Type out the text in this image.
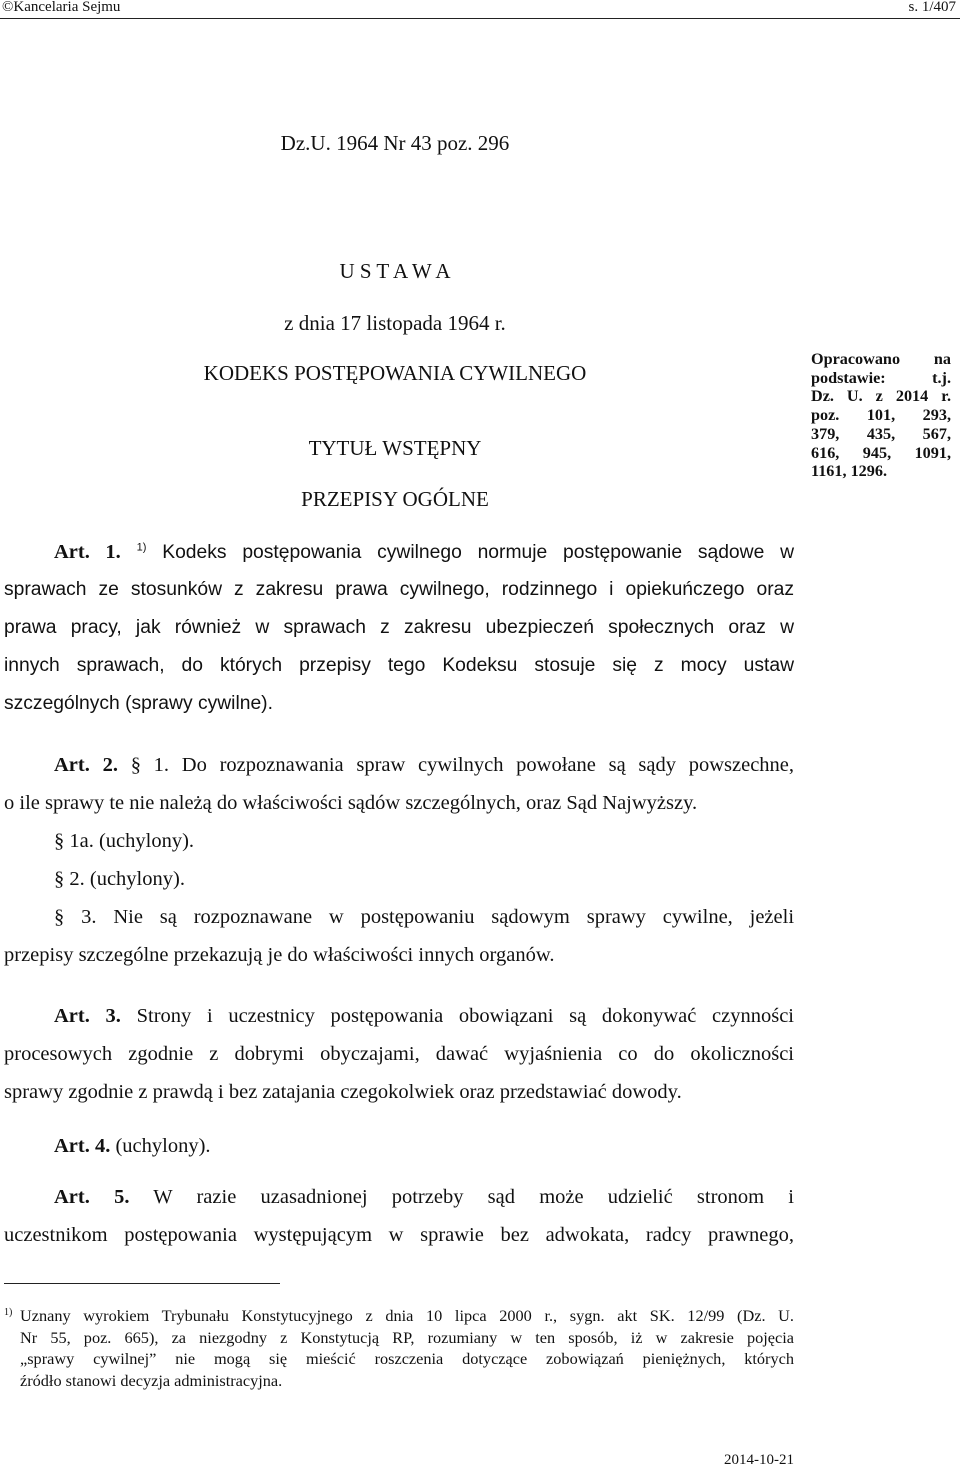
©Kancelaria Sejmu	s. 1/407
Dz.U. 1964 Nr 43 poz. 296
U S T A W A
z dnia 17 listopada 1964 r.
KODEKS POSTĘPOWANIA CYWILNEGO
TYTUŁ WSTĘPNY
PRZEPISY OGÓLNE
Opracowano na
podstawie: t.j.
Dz. U. z 2014 r.
poz. 101, 293,
379, 435, 567,
616, 945, 1091,
1161, 1296.
Art. 1. $^{1)}$ Kodeks postępowania cywilnego normuje postępowanie sądowe w
sprawach ze stosunków z zakresu prawa cywilnego, rodzinnego i opiekuńczego oraz
prawa pracy, jak również w sprawach z zakresu ubezpieczeń społecznych oraz w
innych sprawach, do których przepisy tego Kodeksu stosuje się z mocy ustaw
szczególnych (sprawy cywilne).
Art. 2. § 1. Do rozpoznawania spraw cywilnych powołane są sądy powszechne,
o ile sprawy te nie należą do właściwości sądów szczególnych, oraz Sąd Najwyższy.
§ 1a. (uchylony).
§ 2. (uchylony).
§ 3. Nie są rozpoznawane w postępowaniu sądowym sprawy cywilne, jeżeli
przepisy szczególne przekazują je do właściwości innych organów.
Art. 3. Strony i uczestnicy postępowania obowiązani są dokonywać czynności
procesowych zgodnie z dobrymi obyczajami, dawać wyjaśnienia co do okoliczności
sprawy zgodnie z prawdą i bez zatajania czegokolwiek oraz przedstawiać dowody.
Art. 4. (uchylony).
Art. 5. W razie uzasadnionej potrzeby sąd może udzielić stronom i
uczestnikom postępowania występującym w sprawie bez adwokata, radcy prawnego,
1) Uznany wyrokiem Trybunału Konstytucyjnego z dnia 10 lipca 2000 r., sygn. akt SK. 12/99 (Dz. U.
Nr 55, poz. 665), za niezgodny z Konstytucją RP, rozumiany w ten sposób, iż w zakresie pojęcia
„sprawy cywilnej” nie mogą się mieścić roszczenia dotyczące zobowiązań pieniężnych, których
źródło stanowi decyzja administracyjna.
2014-10-21
